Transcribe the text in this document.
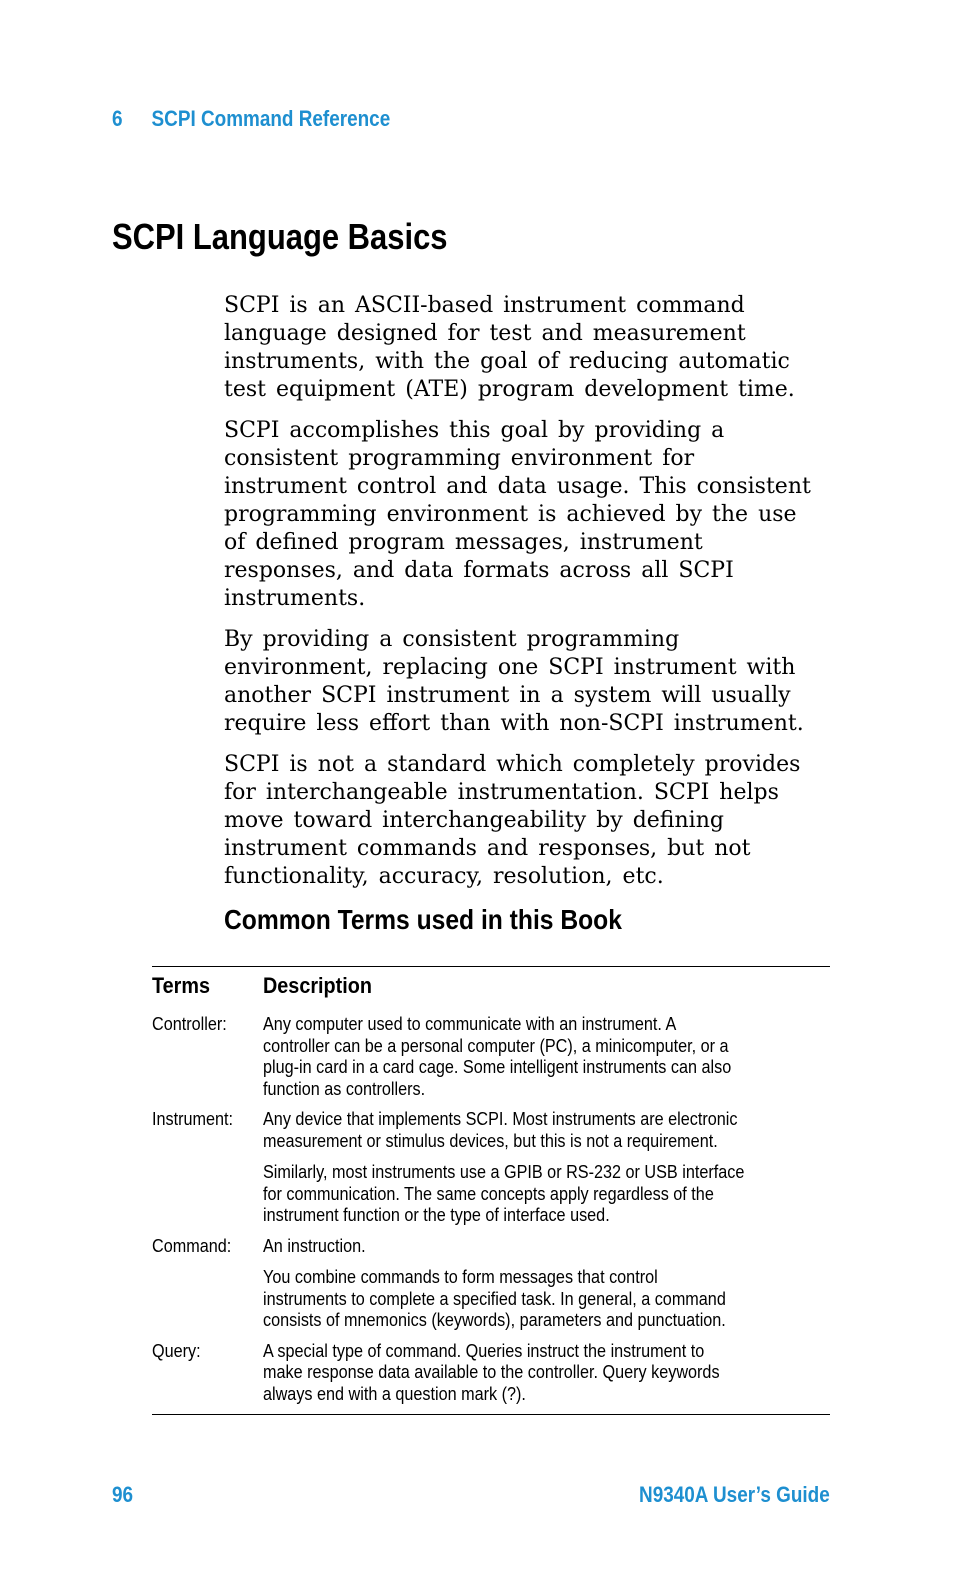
6 SCPI Command Reference
SCPI Language Basics

SCPI is an ASCII-based instrument command
language designed for test and measurement
instruments, with the goal of reducing automatic
test equipment (ATE) program development time.

SCPI accomplishes this goal by providing a
consistent programming environment for
instrument control and data usage. This consistent
programming environment is achieved by the use
of defined program messages, instrument
responses, and data formats across all SCPI
instruments.

By providing a consistent programming
environment, replacing one SCPI instrument with
another SCPI instrument in a system will usually
require less effort than with non-SCPI instrument.

SCPI is not a standard which completely provides
for interchangeable instrumentation. SCPI helps
move toward interchangeability by defining
instrument commands and responses, but not
functionality, accuracy, resolution, etc.

Common Terms used in this Book
Terms	Description
Controller:	Any computer used to communicate with an instrument. A
controller can be a personal computer (PC), a minicomputer, or a
plug-in card in a card cage. Some intelligent instruments can also
function as controllers.
Instrument:	Any device that implements SCPI. Most instruments are electronic
measurement or stimulus devices, but this is not a requirement.
Similarly, most instruments use a GPIB or RS-232 or USB interface
for communication. The same concepts apply regardless of the
instrument function or the type of interface used.
Command:	An instruction.
You combine commands to form messages that control
instruments to complete a specified task. In general, a command
consists of mnemonics (keywords), parameters and punctuation.
Query:	A special type of command. Queries instruct the instrument to
make response data available to the controller. Query keywords
always end with a question mark (?).
96	N9340A User’s Guide
